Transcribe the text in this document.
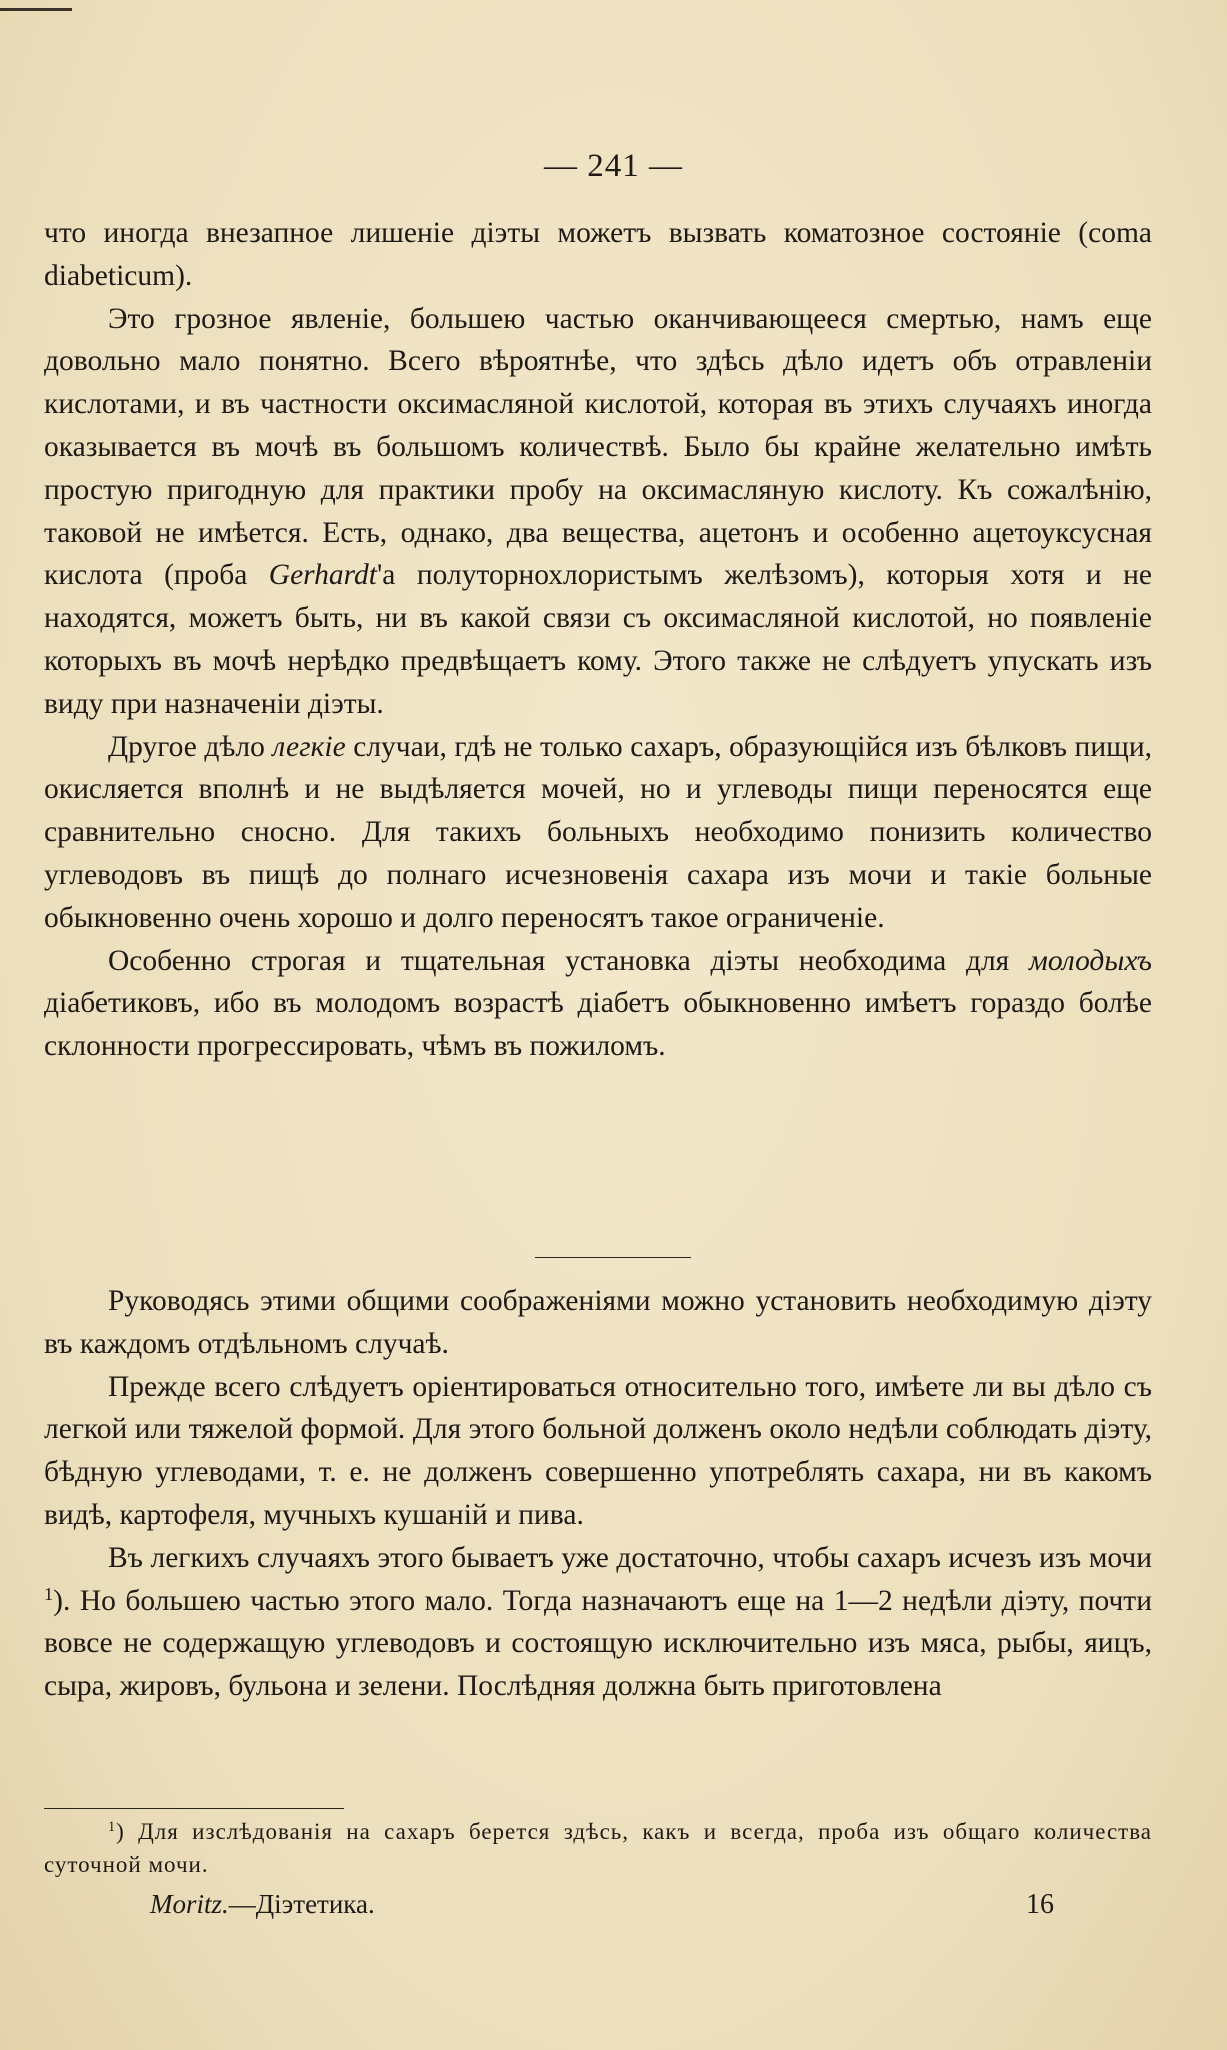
— 241 —

что иногда внезапное лишеніе діэты можетъ вызвать коматозное состояніе (coma diabeticum).

Это грозное явленіе, большею частью оканчивающееся смертью, намъ еще довольно мало понятно. Всего вѣроятнѣе, что здѣсь дѣло идетъ объ отравленіи кислотами, и въ частности оксимасляной кислотой, которая въ этихъ случаяхъ иногда оказывается въ мочѣ въ большомъ количествѣ. Было бы крайне желательно имѣть простую пригодную для практики пробу на оксимасляную кислоту. Къ сожалѣнію, таковой не имѣется. Есть, однако, два вещества, ацетонъ и особенно ацетоуксусная кислота (проба Gerhardt'а полуторнохлористымъ желѣзомъ), которыя хотя и не находятся, можетъ быть, ни въ какой связи съ оксимасляной кислотой, но появленіе которыхъ въ мочѣ нерѣдко предвѣщаетъ кому. Этого также не слѣдуетъ упускать изъ виду при назначеніи діэты.

Другое дѣло легкіе случаи, гдѣ не только сахаръ, образующійся изъ бѣлковъ пищи, окисляется вполнѣ и не выдѣляется мочей, но и углеводы пищи переносятся еще сравнительно сносно. Для такихъ больныхъ необходимо понизить количество углеводовъ въ пищѣ до полнаго исчезновенія сахара изъ мочи и такіе больные обыкновенно очень хорошо и долго переносятъ такое ограниченіе.

Особенно строгая и тщательная установка діэты необходима для молодыхъ діабетиковъ, ибо въ молодомъ возрастѣ діабетъ обыкновенно имѣетъ гораздо болѣе склонности прогрессировать, чѣмъ въ пожиломъ.

Руководясь этими общими соображеніями можно установить необходимую діэту въ каждомъ отдѣльномъ случаѣ.

Прежде всего слѣдуетъ оріентироваться относительно того, имѣете ли вы дѣло съ легкой или тяжелой формой. Для этого больной долженъ около недѣли соблюдать діэту, бѣдную углеводами, т. е. не долженъ совершенно употреблять сахара, ни въ какомъ видѣ, картофеля, мучныхъ кушаній и пива.

Въ легкихъ случаяхъ этого бываетъ уже достаточно, чтобы сахаръ исчезъ изъ мочи $^1$). Но большею частью этого мало. Тогда назначаютъ еще на 1—2 недѣли діэту, почти вовсе не содержащую углеводовъ и состоящую исключительно изъ мяса, рыбы, яицъ, сыра, жировъ, бульона и зелени. Послѣдняя должна быть приготовлена

$^1$) Для изслѣдованія на сахаръ берется здѣсь, какъ и всегда, проба изъ общаго количества суточной мочи.

Moritz.—Діэтетика.	16
